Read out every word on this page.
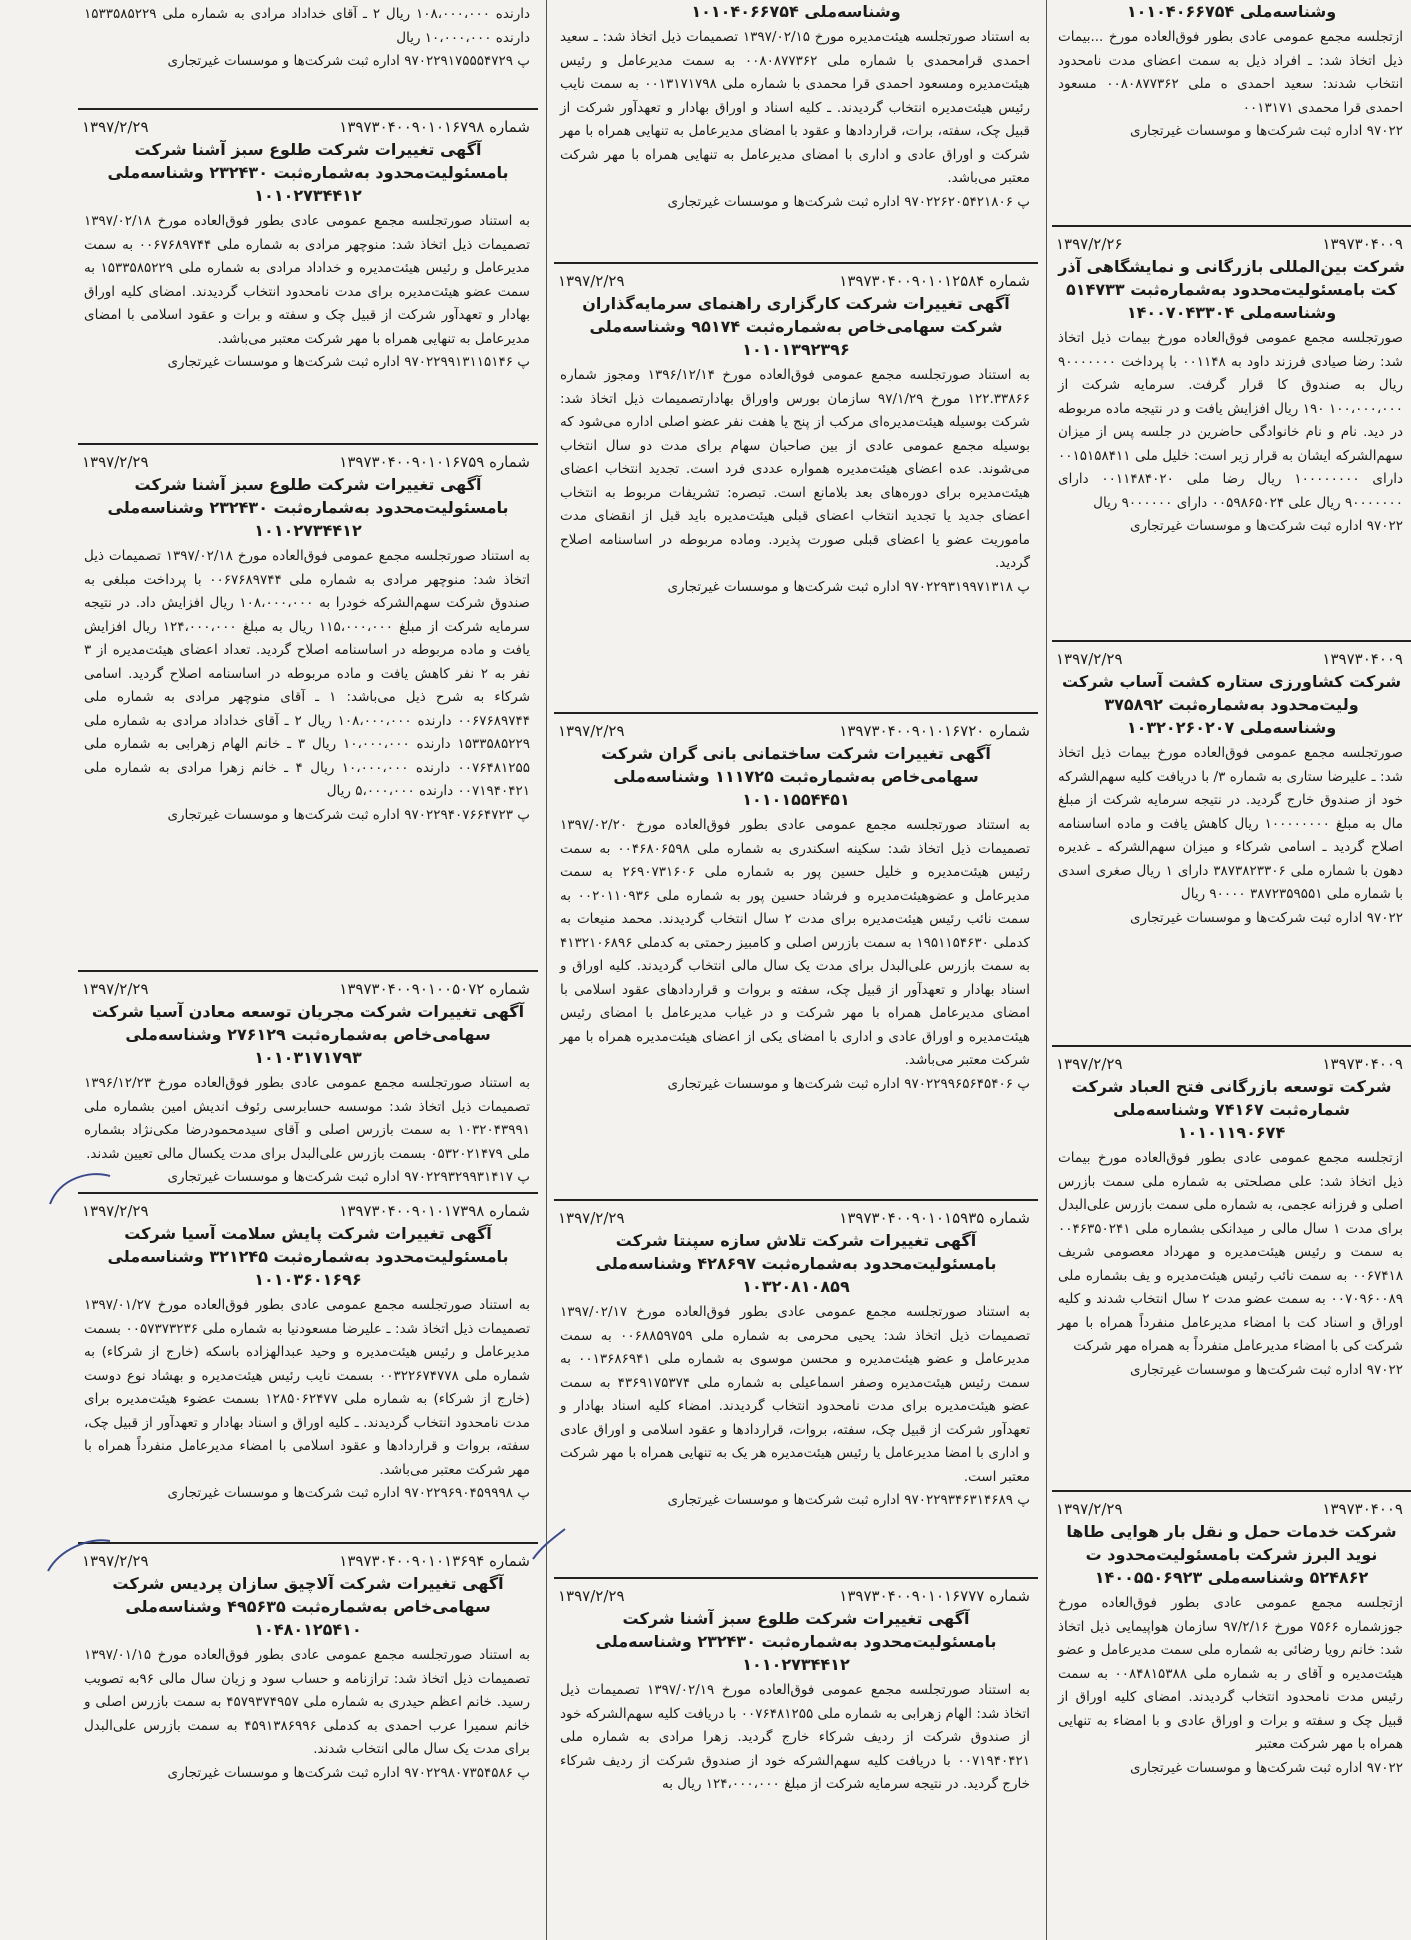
وشناسه‌ملی ۱۰۱۰۴۰۶۶۷۵۴
ازتجلسه مجمع عمومی عادی بطور فوق‌العاده مورخ ...بیمات ذیل اتخاذ شد: ـ افراد ذیل به سمت اعضای مدت نامحدود انتخاب شدند: سعید احمدی ه ملی ۰۰۸۰۸۷۷۳۶۲ مسعود احمدی قرا محمدی ۰۰۱۳۱۷۱
۹۷۰۲۲ اداره ثبت شرکت‌ها و موسسات غیرتجاری
۱۳۹۷۳۰۴۰۰۹
۱۳۹۷/۲/۲۶
شرکت بین‌المللی بازرگانی و نمایشگاهی آذر کت بامسئولیت‌محدود به‌شماره‌ثبت ۵۱۴۷۳۳ وشناسه‌ملی ۱۴۰۰۷۰۴۳۳۰۴
صورتجلسه مجمع عمومی فوق‌العاده مورخ بیمات ذیل اتخاذ شد: رضا صیادی فرزند داود به ۰۰۱۱۴۸ با پرداخت ۹۰۰۰۰۰۰۰ ریال به صندوق کا قرار گرفت. سرمایه شرکت از ۱۰۰،۰۰۰،۰۰۰ ۱۹۰ ریال افزایش یافت و در نتیجه ماده مربوطه در دید. نام و نام خانوادگی حاضرین در جلسه پس از میزان سهم‌الشرکه ایشان به قرار زیر است: خلیل ملی ۰۰۱۵۱۵۸۴۱۱ دارای ۱۰۰۰۰۰۰۰۰ ریال رضا ملی ۰۰۱۱۴۸۴۰۲۰ دارای ۹۰۰۰۰۰۰۰ ریال علی ۰۰۵۹۸۶۵۰۲۴ دارای ۹۰۰۰۰۰۰ ریال
۹۷۰۲۲ اداره ثبت شرکت‌ها و موسسات غیرتجاری
۱۳۹۷۳۰۴۰۰۹
۱۳۹۷/۲/۲۹
شرکت کشاورزی ستاره کشت آساب شرکت ولیت‌محدود به‌شماره‌ثبت ۳۷۵۸۹۲ وشناسه‌ملی ۱۰۳۲۰۲۶۰۲۰۷
صورتجلسه مجمع عمومی فوق‌العاده مورخ بیمات ذیل اتخاذ شد: ـ علیرضا ستاری به شماره ۳/ با دریافت کلیه سهم‌الشرکه خود از صندوق خارج گردید. در نتیجه سرمایه شرکت از مبلغ مال به مبلغ ۱۰۰۰۰۰۰۰۰ ریال کاهش یافت و ماده اساسنامه اصلاح گردید ـ اسامی شرکاء و میزان سهم‌الشرکه ـ غدیره دهون با شماره ملی ۳۸۷۳۸۲۳۳۰۶ دارای ۱ ریال صغری اسدی با شماره ملی ۳۸۷۲۳۵۹۵۵۱ ۹۰۰۰۰ ریال
۹۷۰۲۲ اداره ثبت شرکت‌ها و موسسات غیرتجاری
۱۳۹۷۳۰۴۰۰۹
۱۳۹۷/۲/۲۹
شرکت توسعه بازرگانی فتح العباد شرکت شماره‌ثبت ۷۴۱۶۷ وشناسه‌ملی ۱۰۱۰۱۱۹۰۶۷۴
ازتجلسه مجمع عمومی عادی بطور فوق‌العاده مورخ بیمات ذیل اتخاذ شد: علی مصلحتی به شماره ملی سمت بازرس اصلی و فرزانه عجمی، به شماره ملی سمت بازرس علی‌البدل برای مدت ۱ سال مالی ر میدانکی بشماره ملی ۰۰۴۶۳۵۰۲۴۱ به سمت و رئیس هیئت‌مدیره و مهرداد معصومی شریف ۰۰۶۷۴۱۸ به سمت نائب رئیس هیئت‌مدیره و یف بشماره ملی ۰۰۷۰۹۶۰۰۸۹ به سمت عضو مدت ۲ سال انتخاب شدند و کلیه اوراق و اسناد کت با امضاء مدیرعامل منفرداً همراه با مهر شرکت کی با امضاء مدیرعامل منفرداً به همراه مهر شرکت
۹۷۰۲۲ اداره ثبت شرکت‌ها و موسسات غیرتجاری
۱۳۹۷۳۰۴۰۰۹
۱۳۹۷/۲/۲۹
شرکت خدمات حمل و نقل بار هوایی طاها نوید البرز شرکت بامسئولیت‌محدود ت ۵۲۴۸۶۲ وشناسه‌ملی ۱۴۰۰۵۵۰۶۹۲۳
ازتجلسه مجمع عمومی عادی بطور فوق‌العاده مورخ جوزشماره ۷۵۶۶ مورخ ۹۷/۲/۱۶ سازمان هواپیمایی ذیل اتخاذ شد: خانم رویا رضائی به شماره ملی سمت مدیرعامل و عضو هیئت‌مدیره و آقای ر به شماره ملی ۰۰۸۴۸۱۵۳۸۸ به سمت رئیس مدت نامحدود انتخاب گردیدند. امضای کلیه اوراق از قبیل چک و سفته و برات و اوراق عادی و با امضاء به تنهایی همراه با مهر شرکت معتبر
۹۷۰۲۲ اداره ثبت شرکت‌ها و موسسات غیرتجاری
وشناسه‌ملی ۱۰۱۰۴۰۶۶۷۵۴
به استناد صورتجلسه هیئت‌مدیره مورخ ۱۳۹۷/۰۲/۱۵ تصمیمات ذیل اتخاذ شد: ـ سعید احمدی قرامحمدی با شماره ملی ۰۰۸۰۸۷۷۳۶۲ به سمت مدیرعامل و رئیس هیئت‌مدیره ومسعود احمدی قرا محمدی با شماره ملی ۰۰۱۳۱۷۱۷۹۸ به سمت نایب رئیس هیئت‌مدیره انتخاب گردیدند. ـ کلیه اسناد و اوراق بهادار و تعهدآور شرکت از قبیل چک، سفته، برات، قراردادها و عقود با امضای مدیرعامل به تنهایی همراه با مهر شرکت و اوراق عادی و اداری با امضای مدیرعامل به تنهایی همراه با مهر شرکت معتبر می‌باشد.
پ ۹۷۰۲۲۶۲۰۵۴۲۱۸۰۶ اداره ثبت شرکت‌ها و موسسات غیرتجاری
شماره ۱۳۹۷۳۰۴۰۰۹۰۱۰۱۲۵۸۴
۱۳۹۷/۲/۲۹
آگهی تغییرات شرکت کارگزاری راهنمای سرمایه‌گذاران شرکت سهامی‌خاص به‌شماره‌ثبت ۹۵۱۷۴ وشناسه‌ملی ۱۰۱۰۱۳۹۲۳۹۶
به استناد صورتجلسه مجمع عمومی فوق‌العاده مورخ ۱۳۹۶/۱۲/۱۴ ومجوز شماره ۱۲۲.۳۳۸۶۶ مورخ ۹۷/۱/۲۹ سازمان بورس واوراق بهادارتصمیمات ذیل اتخاذ شد: شرکت بوسیله هیئت‌مدیره‌ای مرکب از پنج یا هفت نفر عضو اصلی اداره می‌شود که بوسیله مجمع عمومی عادی از بین صاحبان سهام برای مدت دو سال انتخاب می‌شوند. عده اعضای هیئت‌مدیره همواره عددی فرد است. تجدید انتخاب اعضای هیئت‌مدیره برای دوره‌های بعد بلامانع است. تبصره: تشریفات مربوط به انتخاب اعضای جدید یا تجدید انتخاب اعضای قبلی هیئت‌مدیره باید قبل از انقضای مدت ماموریت عضو یا اعضای قبلی صورت پذیرد. وماده مربوطه در اساسنامه اصلاح گردید.
پ ۹۷۰۲۲۹۳۱۹۹۷۱۳۱۸ اداره ثبت شرکت‌ها و موسسات غیرتجاری
شماره ۱۳۹۷۳۰۴۰۰۹۰۱۰۱۶۷۲۰
۱۳۹۷/۲/۲۹
آگهی تغییرات شرکت ساختمانی بانی گران شرکت سهامی‌خاص به‌شماره‌ثبت ۱۱۱۷۲۵ وشناسه‌ملی ۱۰۱۰۱۵۵۴۴۵۱
به استناد صورتجلسه مجمع عمومی عادی بطور فوق‌العاده مورخ ۱۳۹۷/۰۲/۲۰ تصمیمات ذیل اتخاذ شد: سکینه اسکندری به شماره ملی ۰۰۴۶۸۰۶۵۹۸ به سمت رئیس هیئت‌مدیره و خلیل حسین پور به شماره ملی ۲۶۹۰۷۳۱۶۰۶ به سمت مدیرعامل و عضوهیئت‌مدیره و فرشاد حسین پور به شماره ملی ۰۰۲۰۱۱۰۹۳۶ به سمت نائب رئیس هیئت‌مدیره برای مدت ۲ سال انتخاب گردیدند. محمد منیعات به کدملی ۱۹۵۱۱۵۴۶۳۰ به سمت بازرس اصلی و کامبیز رحمتی به کدملی ۴۱۳۲۱۰۶۸۹۶ به سمت بازرس علی‌البدل برای مدت یک سال مالی انتخاب گردیدند. کلیه اوراق و اسناد بهادار و تعهدآور از قبیل چک، سفته و بروات و قراردادهای عقود اسلامی با امضای مدیرعامل همراه با مهر شرکت و در غیاب مدیرعامل با امضای رئیس هیئت‌مدیره و اوراق عادی و اداری با امضای یکی از اعضای هیئت‌مدیره همراه با مهر شرکت معتبر می‌باشد.
پ ۹۷۰۲۲۹۹۶۵۶۴۵۴۰۶ اداره ثبت شرکت‌ها و موسسات غیرتجاری
شماره ۱۳۹۷۳۰۴۰۰۹۰۱۰۱۵۹۳۵
۱۳۹۷/۲/۲۹
آگهی تغییرات شرکت تلاش سازه سپنتا شرکت بامسئولیت‌محدود به‌شماره‌ثبت ۴۲۸۶۹۷ وشناسه‌ملی ۱۰۳۲۰۸۱۰۸۵۹
به استناد صورتجلسه مجمع عمومی عادی بطور فوق‌العاده مورخ ۱۳۹۷/۰۲/۱۷ تصمیمات ذیل اتخاذ شد: یحیی محرمی به شماره ملی ۰۰۶۸۸۵۹۷۵۹ به سمت مدیرعامل و عضو هیئت‌مدیره و محسن موسوی به شماره ملی ۰۰۱۳۶۸۶۹۴۱ به سمت رئیس هیئت‌مدیره وصفر اسماعیلی به شماره ملی ۴۳۶۹۱۷۵۳۷۴ به سمت عضو هیئت‌مدیره برای مدت نامحدود انتخاب گردیدند. امضاء کلیه اسناد بهادار و تعهدآور شرکت از قبیل چک، سفته، بروات، قراردادها و عقود اسلامی و اوراق عادی و اداری با امضا مدیرعامل یا رئیس هیئت‌مدیره هر یک به تنهایی همراه با مهر شرکت معتبر است.
پ ۹۷۰۲۲۹۳۴۶۳۱۴۶۸۹ اداره ثبت شرکت‌ها و موسسات غیرتجاری
شماره ۱۳۹۷۳۰۴۰۰۹۰۱۰۱۶۷۷۷
۱۳۹۷/۲/۲۹
آگهی تغییرات شرکت طلوع سبز آشنا شرکت بامسئولیت‌محدود به‌شماره‌ثبت ۲۳۲۴۳۰ وشناسه‌ملی ۱۰۱۰۲۷۳۴۴۱۲
به استناد صورتجلسه مجمع عمومی فوق‌العاده مورخ ۱۳۹۷/۰۲/۱۹ تصمیمات ذیل اتخاذ شد: الهام زهرابی به شماره ملی ۰۰۷۶۴۸۱۲۵۵ با دریافت کلیه سهم‌الشرکه خود از صندوق شرکت از ردیف شرکاء خارج گردید. زهرا مرادی به شماره ملی ۰۰۷۱۹۴۰۴۲۱ با دریافت کلیه سهم‌الشرکه خود از صندوق شرکت از ردیف شرکاء خارج گردید. در نتیجه سرمایه شرکت از مبلغ ۱۲۴،۰۰۰،۰۰۰ ریال به
دارنده ۱۰۸،۰۰۰،۰۰۰ ریال ۲ ـ آقای خداداد مرادی به شماره ملی ۱۵۳۳۵۸۵۲۲۹ دارنده ۱۰،۰۰۰،۰۰۰ ریال
پ ۹۷۰۲۲۹۱۷۵۵۵۴۷۲۹ اداره ثبت شرکت‌ها و موسسات غیرتجاری
شماره ۱۳۹۷۳۰۴۰۰۹۰۱۰۱۶۷۹۸
۱۳۹۷/۲/۲۹
آگهی تغییرات شرکت طلوع سبز آشنا شرکت بامسئولیت‌محدود به‌شماره‌ثبت ۲۳۲۴۳۰ وشناسه‌ملی ۱۰۱۰۲۷۳۴۴۱۲
به استناد صورتجلسه مجمع عمومی عادی بطور فوق‌العاده مورخ ۱۳۹۷/۰۲/۱۸ تصمیمات ذیل اتخاذ شد: منوچهر مرادی به شماره ملی ۰۰۶۷۶۸۹۷۴۴ به سمت مدیرعامل و رئیس هیئت‌مدیره و خداداد مرادی به شماره ملی ۱۵۳۳۵۸۵۲۲۹ به سمت عضو هیئت‌مدیره برای مدت نامحدود انتخاب گردیدند. امضای کلیه اوراق بهادار و تعهدآور شرکت از قبیل چک و سفته و برات و عقود اسلامی با امضای مدیرعامل به تنهایی همراه با مهر شرکت معتبر می‌باشد.
پ ۹۷۰۲۲۹۹۱۳۱۱۵۱۴۶ اداره ثبت شرکت‌ها و موسسات غیرتجاری
شماره ۱۳۹۷۳۰۴۰۰۹۰۱۰۱۶۷۵۹
۱۳۹۷/۲/۲۹
آگهی تغییرات شرکت طلوع سبز آشنا شرکت بامسئولیت‌محدود به‌شماره‌ثبت ۲۳۲۴۳۰ وشناسه‌ملی ۱۰۱۰۲۷۳۴۴۱۲
به استناد صورتجلسه مجمع عمومی فوق‌العاده مورخ ۱۳۹۷/۰۲/۱۸ تصمیمات ذیل اتخاذ شد: منوچهر مرادی به شماره ملی ۰۰۶۷۶۸۹۷۴۴ با پرداخت مبلغی به صندوق شرکت سهم‌الشرکه خودرا به ۱۰۸،۰۰۰،۰۰۰ ریال افزایش داد. در نتیجه سرمایه شرکت از مبلغ ۱۱۵،۰۰۰،۰۰۰ ریال به مبلغ ۱۲۴،۰۰۰،۰۰۰ ریال افزایش یافت و ماده مربوطه در اساسنامه اصلاح گردید. تعداد اعضای هیئت‌مدیره از ۳ نفر به ۲ نفر کاهش یافت و ماده مربوطه در اساسنامه اصلاح گردید. اسامی شرکاء به شرح ذیل می‌باشد: ۱ ـ آقای منوچهر مرادی به شماره ملی ۰۰۶۷۶۸۹۷۴۴ دارنده ۱۰۸،۰۰۰،۰۰۰ ریال ۲ ـ آقای خداداد مرادی به شماره ملی ۱۵۳۳۵۸۵۲۲۹ دارنده ۱۰،۰۰۰،۰۰۰ ریال ۳ ـ خانم الهام زهرابی به شماره ملی ۰۰۷۶۴۸۱۲۵۵ دارنده ۱۰،۰۰۰،۰۰۰ ریال ۴ ـ خانم زهرا مرادی به شماره ملی ۰۰۷۱۹۴۰۴۲۱ دارنده ۵،۰۰۰،۰۰۰ ریال
پ ۹۷۰۲۲۹۴۰۷۶۶۴۷۲۳ اداره ثبت شرکت‌ها و موسسات غیرتجاری
شماره ۱۳۹۷۳۰۴۰۰۹۰۱۰۰۵۰۷۲
۱۳۹۷/۲/۲۹
آگهی تغییرات شرکت مجریان توسعه معادن آسیا شرکت سهامی‌خاص به‌شماره‌ثبت ۲۷۶۱۲۹ وشناسه‌ملی ۱۰۱۰۳۱۷۱۷۹۳
به استناد صورتجلسه مجمع عمومی عادی بطور فوق‌العاده مورخ ۱۳۹۶/۱۲/۲۳ تصمیمات ذیل اتخاذ شد: موسسه حسابرسی رئوف اندیش امین بشماره ملی ۱۰۳۲۰۴۳۹۹۱ به سمت بازرس اصلی و آقای سیدمحمودرضا مکی‌نژاد بشماره ملی ۰۵۳۲۰۲۱۴۷۹ بسمت بازرس علی‌البدل برای مدت یکسال مالی تعیین شدند.
پ ۹۷۰۲۲۹۳۲۹۹۳۱۴۱۷ اداره ثبت شرکت‌ها و موسسات غیرتجاری
شماره ۱۳۹۷۳۰۴۰۰۹۰۱۰۱۷۳۹۸
۱۳۹۷/۲/۲۹
آگهی تغییرات شرکت پایش سلامت آسیا شرکت بامسئولیت‌محدود به‌شماره‌ثبت ۳۲۱۲۴۵ وشناسه‌ملی ۱۰۱۰۳۶۰۱۶۹۶
به استناد صورتجلسه مجمع عمومی عادی بطور فوق‌العاده مورخ ۱۳۹۷/۰۱/۲۷ تصمیمات ذیل اتخاذ شد: ـ علیرضا مسعودنیا به شماره ملی ۰۰۵۷۳۷۳۲۳۶ بسمت مدیرعامل و رئیس هیئت‌مدیره و وحید عبدالهزاده باسکه (خارج از شرکاء) به شماره ملی ۰۰۳۲۲۶۷۴۷۷۸ بسمت نایب رئیس هیئت‌مدیره و بهشاد نوع دوست (خارج از شرکاء) به شماره ملی ۱۲۸۵۰۶۲۴۷۷ بسمت عضوء هیئت‌مدیره برای مدت نامحدود انتخاب گردیدند. ـ کلیه اوراق و اسناد بهادار و تعهدآور از قبیل چک، سفته، بروات و قراردادها و عقود اسلامی با امضاء مدیرعامل منفرداً همراه با مهر شرکت معتبر می‌باشد.
پ ۹۷۰۲۲۹۶۹۰۴۵۹۹۹۸ اداره ثبت شرکت‌ها و موسسات غیرتجاری
شماره ۱۳۹۷۳۰۴۰۰۹۰۱۰۱۳۶۹۴
۱۳۹۷/۲/۲۹
آگهی تغییرات شرکت آلاچیق سازان پردیس شرکت سهامی‌خاص به‌شماره‌ثبت ۴۹۵۶۳۵ وشناسه‌ملی ۱۰۴۸۰۱۲۵۴۱۰
به استناد صورتجلسه مجمع عمومی عادی بطور فوق‌العاده مورخ ۱۳۹۷/۰۱/۱۵ تصمیمات ذیل اتخاذ شد: ترازنامه و حساب سود و زیان سال مالی ۹۶به تصویب رسید. خانم اعظم حیدری به شماره ملی ۴۵۷۹۳۷۴۹۵۷ به سمت بازرس اصلی و خانم سمیرا عرب احمدی به کدملی ۴۵۹۱۳۸۶۹۹۶ به سمت بازرس علی‌البدل برای مدت یک سال مالی انتخاب شدند.
پ ۹۷۰۲۲۹۸۰۷۳۵۴۵۸۶ اداره ثبت شرکت‌ها و موسسات غیرتجاری
